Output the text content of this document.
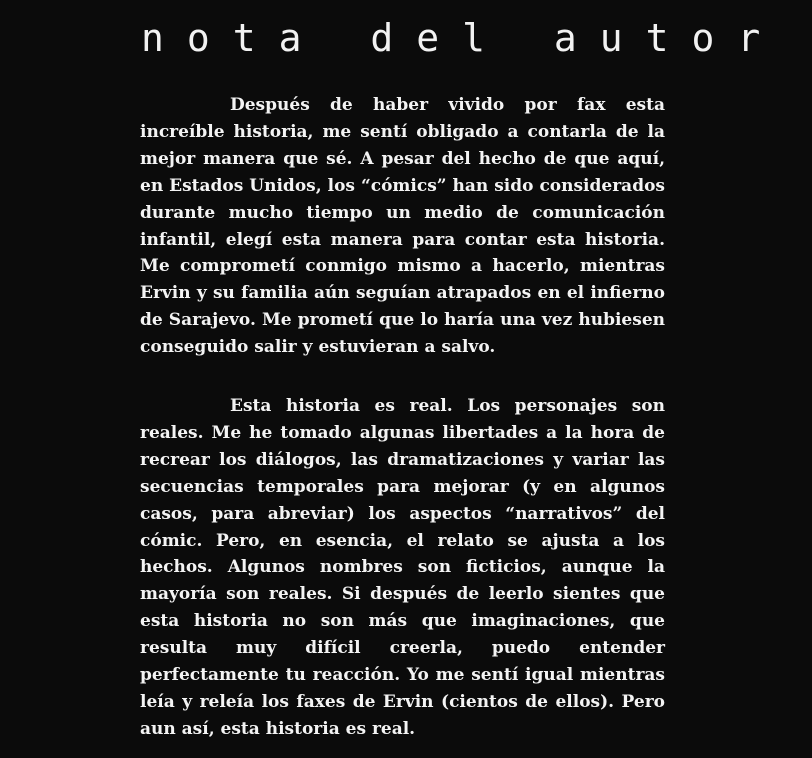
nota del autor

Después de haber vivido por fax esta increíble historia, me sentí obligado a contarla de la mejor manera que sé. A pesar del hecho de que aquí, en Estados Unidos, los “cómics” han sido considerados durante mucho tiempo un medio de comunicación infantil, elegí esta manera para contar esta historia. Me comprometí conmigo mismo a hacerlo, mientras Ervin y su familia aún seguían atrapados en el infierno de Sarajevo. Me prometí que lo haría una vez hubiesen conseguido salir y estuvieran a salvo.

Esta historia es real. Los personajes son reales. Me he tomado algunas libertades a la hora de recrear los diálogos, las dramatizaciones y variar las secuencias temporales para mejorar (y en algunos casos, para abreviar) los aspectos “narrativos” del cómic. Pero, en esencia, el relato se ajusta a los hechos. Algunos nombres son ficticios, aunque la mayoría son reales. Si después de leerlo sientes que esta historia no son más que imaginaciones, que resulta muy difícil creerla, puedo entender perfectamente tu reacción. Yo me sentí igual mientras leía y releía los faxes de Ervin (cientos de ellos). Pero aun así, esta historia es real.
